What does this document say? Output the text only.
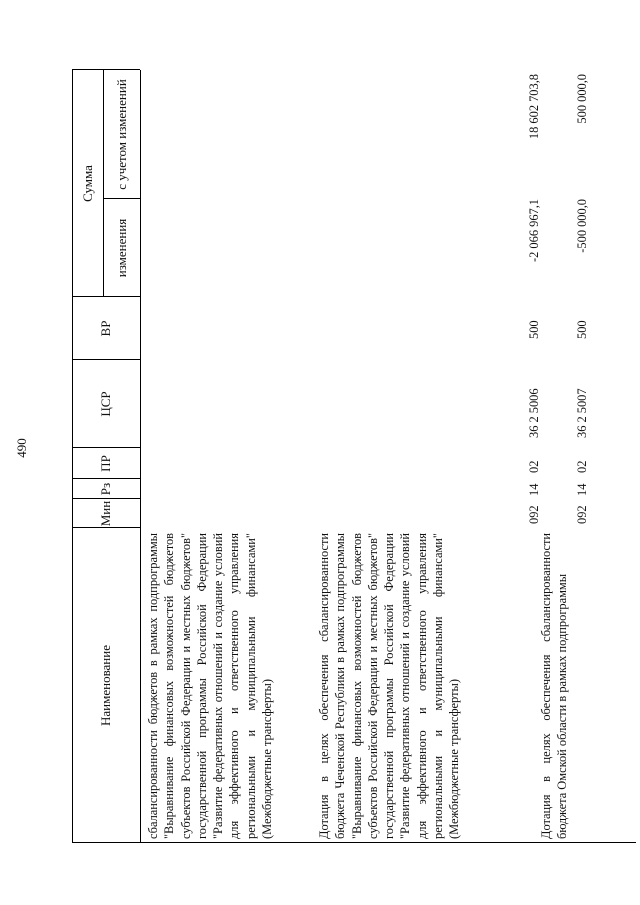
490
Наименование
Мин
Рз
ПР
ЦСР
ВР
Сумма
изменения
с учетом изменений
сбалансированности бюджетов в рамках подпрограммы "Выравнивание финансовых возможностей бюджетов субъектов Российской Федерации и местных бюджетов" государственной программы Российской Федерации "Развитие федеративных отношений и создание условий для эффективного и ответственного управления региональными и муниципальными финансами" (Межбюджетные трансферты)	Дотация в целях обеспечения сбалансированности бюджета Чеченской Республики в рамках подпрограммы "Выравнивание финансовых возможностей бюджетов субъектов Российской Федерации и местных бюджетов" государственной программы Российской Федерации "Развитие федеративных отношений и создание условий для эффективного и ответственного управления региональными и муниципальными финансами" (Межбюджетные трансферты)
092
14
02
36 2 5006
500
-2 066 967,1
18 602 703,8
Дотация в целях обеспечения сбалансированности бюджета Омской области в рамках подпрограммы
092
14
02
36 2 5007
500
-500 000,0
500 000,0
